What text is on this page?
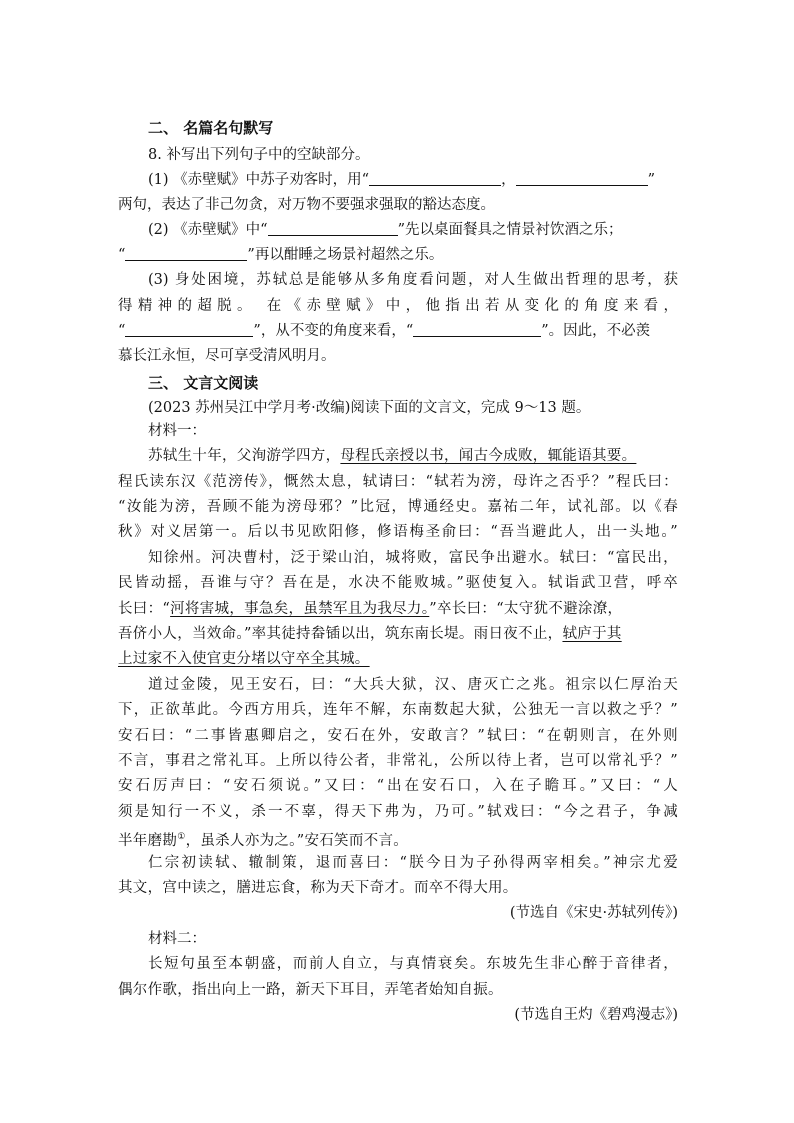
二、 名篇名句默写
8. 补写出下列句子中的空缺部分。
(1) 《赤壁赋》中苏子劝客时，用“	，	”
两句，表达了非己勿贪，对万物不要强求强取的豁达态度。
(2) 《赤壁赋》中“	”先以桌面餐具之情景衬饮酒之乐；
“	”再以酣睡之场景衬超然之乐。
(3) 身处困境，苏轼总是能够从多角度看问题，对人生做出哲理的思考，获
得精神的超脱。 在《赤壁赋》中，他指出若从变化的角度来看，
“	”，从不变的角度来看，“	”。因此，不必羡
慕长江永恒，尽可享受清风明月。
三、 文言文阅读
(2023 苏州吴江中学月考·改编)阅读下面的文言文，完成 9～13 题。
材料一：
苏轼生十年，父洵游学四方，母程氏亲授以书，闻古今成败，辄能语其要。
程氏读东汉《范滂传》，慨然太息，轼请曰：“轼若为滂，母许之否乎？”程氏曰：
“汝能为滂，吾顾不能为滂母邪？”比冠，博通经史。嘉祐二年，试礼部。以《春
秋》对义居第一。后以书见欧阳修，修语梅圣俞曰：“吾当避此人，出一头地。”
知徐州。河决曹村，泛于梁山泊，城将败，富民争出避水。轼曰：“富民出，
民皆动摇，吾谁与守？吾在是，水决不能败城。”驱使复入。轼诣武卫营，呼卒
长曰：“河将害城，事急矣，虽禁军且为我尽力。”卒长曰：“太守犹不避涂潦，
吾侪小人，当效命。”率其徒持畚锸以出，筑东南长堤。雨日夜不止，轼庐于其
上过家不入使官吏分堵以守卒全其城。
道过金陵，见王安石，曰：“大兵大狱，汉、唐灭亡之兆。祖宗以仁厚治天
下，正欲革此。今西方用兵，连年不解，东南数起大狱，公独无一言以救之乎？”
安石曰：“二事皆惠卿启之，安石在外，安敢言？”轼曰：“在朝则言，在外则
不言，事君之常礼耳。上所以待公者，非常礼，公所以待上者，岂可以常礼乎？”
安石厉声曰：“安石须说。”又曰：“出在安石口，入在子瞻耳。”又曰：“人
须是知行一不义，杀一不辜，得天下弗为，乃可。”轼戏曰：“今之君子，争减
半年磨勘①，虽杀人亦为之。”安石笑而不言。
仁宗初读轼、辙制策，退而喜曰：“朕今日为子孙得两宰相矣。”神宗尤爱
其文，宫中读之，膳进忘食，称为天下奇才。而卒不得大用。
(节选自《宋史·苏轼列传》)
材料二：
长短句虽至本朝盛，而前人自立，与真情衰矣。东坡先生非心醉于音律者，
偶尔作歌，指出向上一路，新天下耳目，弄笔者始知自振。
(节选自王灼《碧鸡漫志》)
